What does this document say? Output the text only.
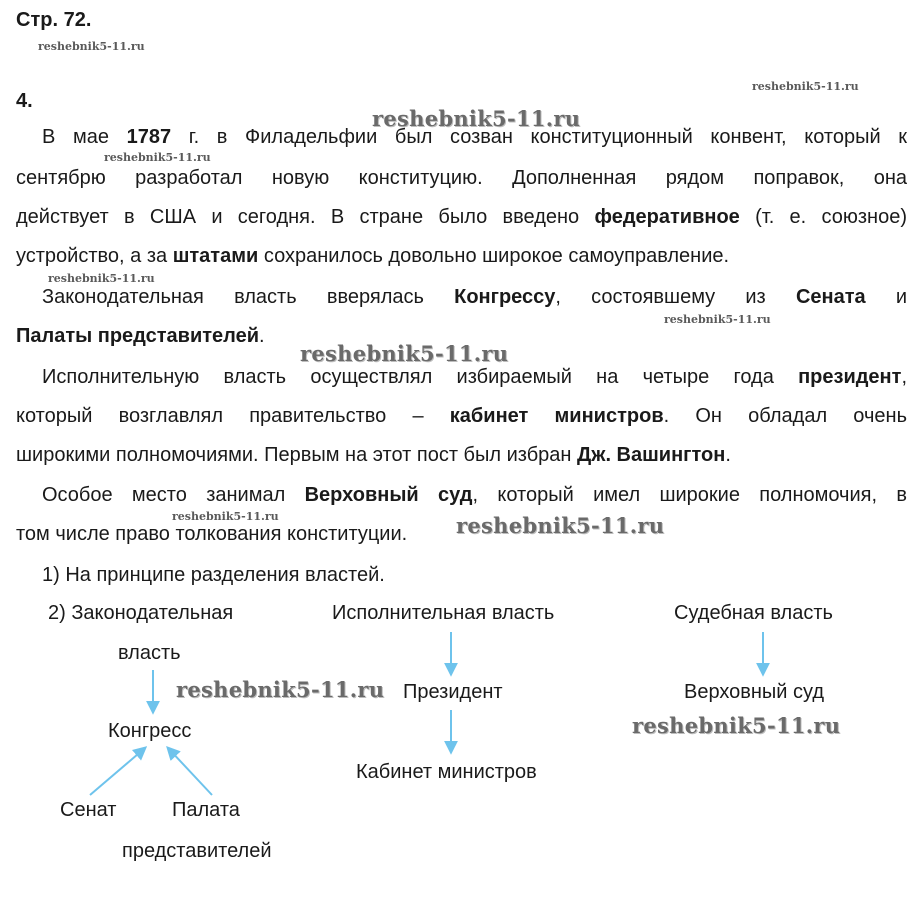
Стр. 72.
reshebnik5-11.ru
4.
reshebnik5-11.ru
В мае 1787 г. в Филадельфии был созван конституционный конвент, который к
сентябрю разработал новую конституцию. Дополненная рядом поправок, она
действует в США и сегодня. В стране было введено федеративное (т. е. союзное)
устройство, а за штатами сохранилось довольно широкое самоуправление.
Законодательная власть вверялась Конгрессу, состоявшему из Сената и
Палаты представителей.
Исполнительную власть осуществлял избираемый на четыре года президент,
который возглавлял правительство – кабинет министров. Он обладал очень
широкими полномочиями. Первым на этот пост был избран Дж. Вашингтон.
Особое место занимал Верховный суд, который имел широкие полномочия, в
том числе право толкования конституции.
1) На принципе разделения властей.
2) Законодательная
власть
Конгресс
Сенат	Палата
представителей
Исполнительная власть
Президент
Кабинет министров
Судебная власть
Верховный суд
reshebnik5-11.ru
reshebnik5-11.ru
reshebnik5-11.ru
reshebnik5-11.ru
reshebnik5-11.ru
reshebnik5-11.ru	reshebnik5-11.ru
reshebnik5-11.ru
reshebnik5-11.ru
